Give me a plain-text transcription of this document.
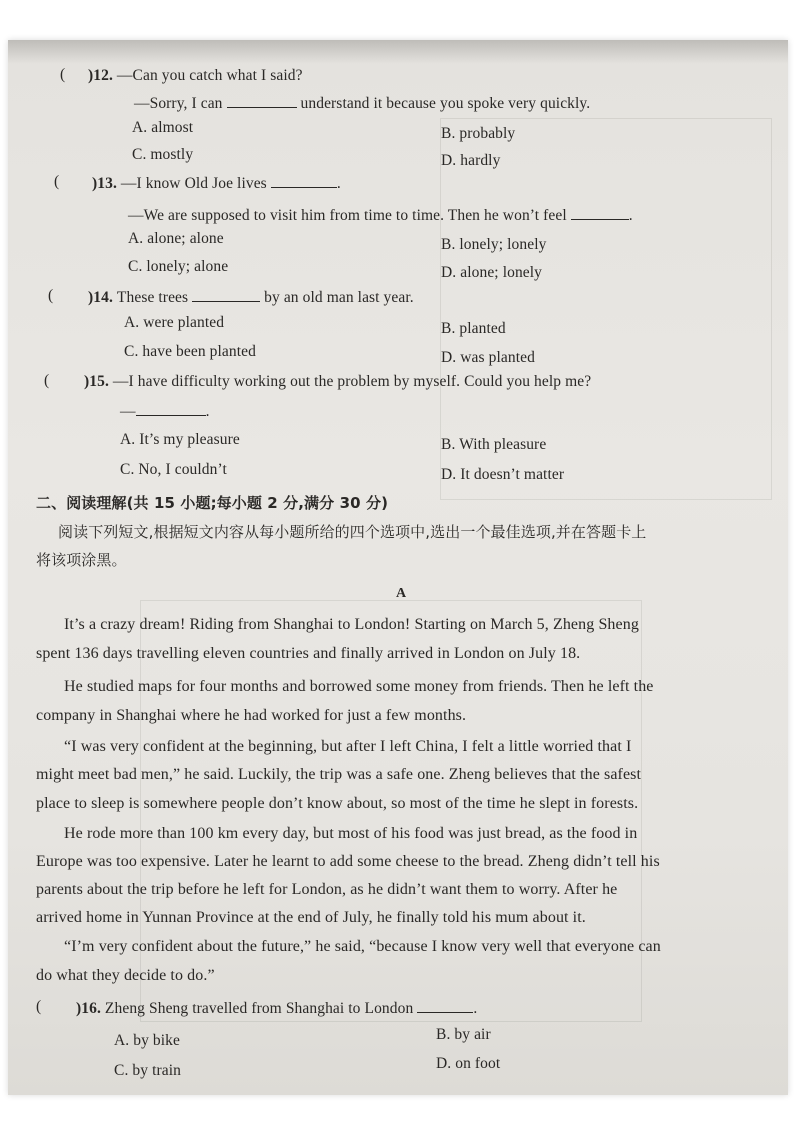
( )12. —Can you catch what I said?
—Sorry, I can	understand it because you spoke very quickly.
A. almost	B. probably
C. mostly	D. hardly
( )13. —I know Old Joe lives	.
—We are supposed to visit him from time to time. Then he won’t feel	.
A. alone; alone	B. lonely; lonely
C. lonely; alone	D. alone; lonely
( )14. These trees	by an old man last year.
A. were planted	B. planted
C. have been planted	D. was planted
( )15. —I have difficulty working out the problem by myself. Could you help me?
—	.
A. It’s my pleasure	B. With pleasure
C. No, I couldn’t	D. It doesn’t matter
二、阅读理解(共 15 小题;每小题 2 分,满分 30 分)
阅读下列短文,根据短文内容从每小题所给的四个选项中,选出一个最佳选项,并在答题卡上
将该项涂黑。
A
It’s a crazy dream! Riding from Shanghai to London! Starting on March 5, Zheng Sheng
spent 136 days travelling eleven countries and finally arrived in London on July 18.
He studied maps for four months and borrowed some money from friends. Then he left the
company in Shanghai where he had worked for just a few months.
“I was very confident at the beginning, but after I left China, I felt a little worried that I
might meet bad men,” he said. Luckily, the trip was a safe one. Zheng believes that the safest
place to sleep is somewhere people don’t know about, so most of the time he slept in forests.
He rode more than 100 km every day, but most of his food was just bread, as the food in
Europe was too expensive. Later he learnt to add some cheese to the bread. Zheng didn’t tell his
parents about the trip before he left for London, as he didn’t want them to worry. After he
arrived home in Yunnan Province at the end of July, he finally told his mum about it.
“I’m very confident about the future,” he said, “because I know very well that everyone can
do what they decide to do.”
( )16. Zheng Sheng travelled from Shanghai to London	.
A. by bike	B. by air
C. by train	D. on foot
